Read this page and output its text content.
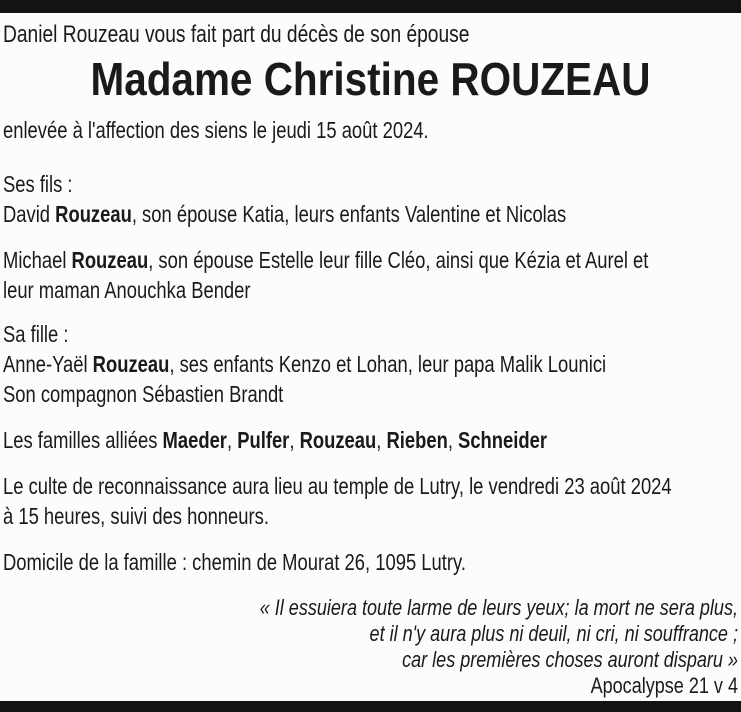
Daniel Rouzeau vous fait part du décès de son épouse

Madame Christine ROUZEAU

enlevée à l'affection des siens le jeudi 15 août 2024.

Ses fils :
David Rouzeau, son épouse Katia, leurs enfants Valentine et Nicolas

Michael Rouzeau, son épouse Estelle leur fille Cléo, ainsi que Kézia et Aurel et
leur maman Anouchka Bender

Sa fille :
Anne-Yaël Rouzeau, ses enfants Kenzo et Lohan, leur papa Malik Lounici
Son compagnon Sébastien Brandt

Les familles alliées Maeder, Pulfer, Rouzeau, Rieben, Schneider

Le culte de reconnaissance aura lieu au temple de Lutry, le vendredi 23 août 2024
à 15 heures, suivi des honneurs.

Domicile de la famille : chemin de Mourat 26, 1095 Lutry.

« Il essuiera toute larme de leurs yeux; la mort ne sera plus,
et il n'y aura plus ni deuil, ni cri, ni souffrance ;
car les premières choses auront disparu »
Apocalypse 21 v 4
